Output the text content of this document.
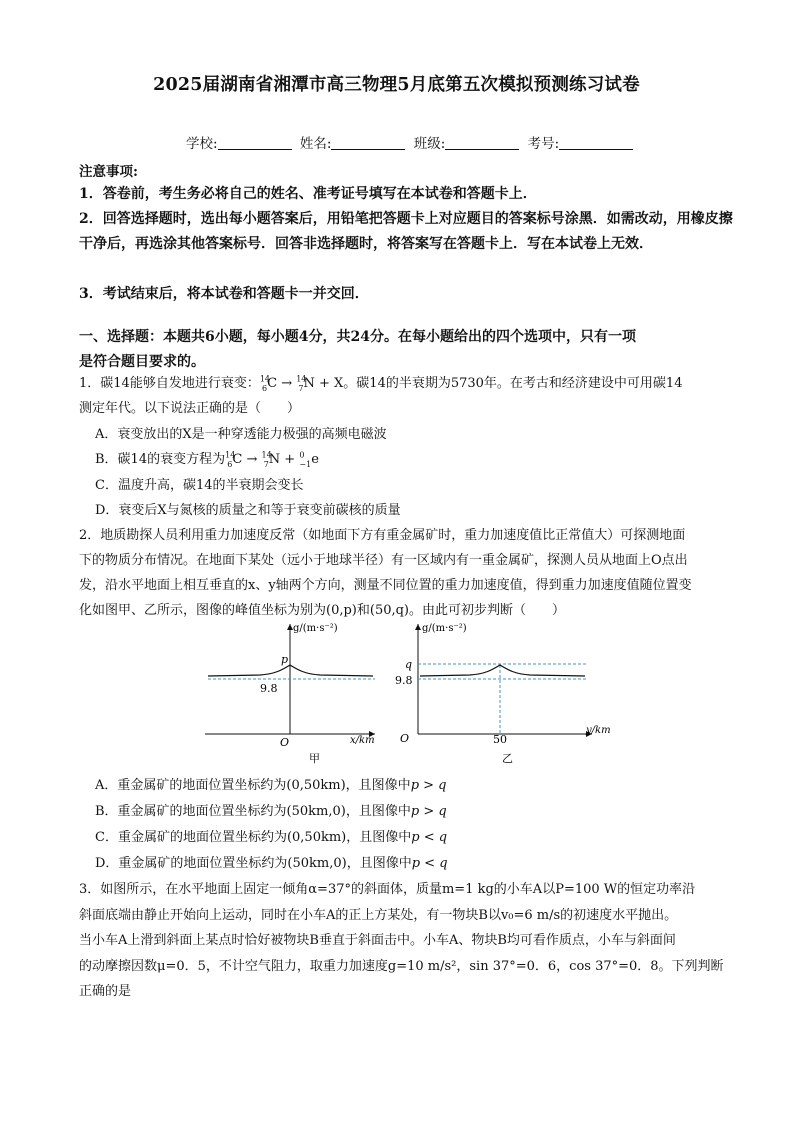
2025届湖南省湘潭市高三物理5月底第五次模拟预测练习试卷
学校:	姓名:	班级:	考号:
注意事项:
1．答卷前，考生务必将自己的姓名、准考证号填写在本试卷和答题卡上．
2．回答选择题时，选出每小题答案后，用铅笔把答题卡上对应题目的答案标号涂黑．如需改动，用橡皮擦干净后，再选涂其他答案标号．回答非选择题时，将答案写在答题卡上．写在本试卷上无效．
3．考试结束后，将本试卷和答题卡一并交回．
一、选择题：本题共6小题，每小题4分，共24分。在每小题给出的四个选项中，只有一项
是符合题目要求的。
1．碳14能够自发地进行衰变：$^{14}_6$C → $^{14}_7$N + X。碳14的半衰期为5730年。在考古和经济建设中可用碳14
测定年代。以下说法正确的是（　　）
A．衰变放出的X是一种穿透能力极强的高频电磁波
B．碳14的衰变方程为$^{14}_6$C → $^{14}_7$N + $^0_{-1}$e
C．温度升高，碳14的半衰期会变长
D．衰变后X与氮核的质量之和等于衰变前碳核的质量
2．地质勘探人员利用重力加速度反常（如地面下方有重金属矿时，重力加速度值比正常值大）可探测地面
下的物质分布情况。在地面下某处（远小于地球半径）有一区域内有一重金属矿，探测人员从地面上O点出
发，沿水平地面上相互垂直的x、y轴两个方向，测量不同位置的重力加速度值，得到重力加速度值随位置变
化如图甲、乙所示，图像的峰值坐标为别为(0,p)和(50,q)。由此可初步判断（　　）
g/(m·s⁻²)
p
9.8
O	x/km
甲
g/(m·s⁻²)
q
9.8
O	50
y/km
乙
A．重金属矿的地面位置坐标约为(0,50km)，且图像中p > q
B．重金属矿的地面位置坐标约为(50km,0)，且图像中p > q
C．重金属矿的地面位置坐标约为(0,50km)，且图像中p < q
D．重金属矿的地面位置坐标约为(50km,0)，且图像中p < q
3．如图所示，在水平地面上固定一倾角α=37°的斜面体，质量m=1 kg的小车A以P=100 W的恒定功率沿
斜面底端由静止开始向上运动，同时在小车A的正上方某处，有一物块B以v₀=6 m/s的初速度水平抛出。
当小车A上滑到斜面上某点时恰好被物块B垂直于斜面击中。小车A、物块B均可看作质点，小车与斜面间
的动摩擦因数μ=0．5，不计空气阻力，取重力加速度g=10 m/s²，sin 37°=0．6，cos 37°=0．8。下列判断
正确的是
